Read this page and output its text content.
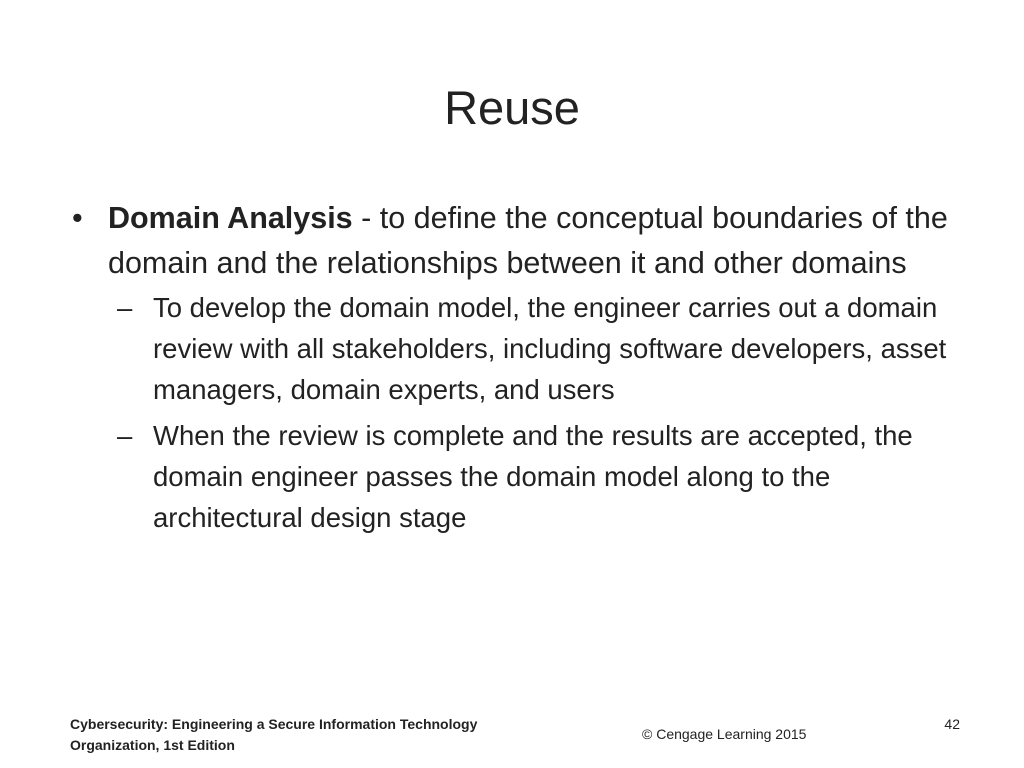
Reuse
• Domain Analysis - to define the conceptual boundaries of the domain and the relationships between it and other domains
– To develop the domain model, the engineer carries out a domain review with all stakeholders, including software developers, asset managers, domain experts, and users
– When the review is complete and the results are accepted, the domain engineer passes the domain model along to the architectural design stage
Cybersecurity: Engineering a Secure Information Technology
Organization, 1st Edition
© Cengage Learning 2015
42
